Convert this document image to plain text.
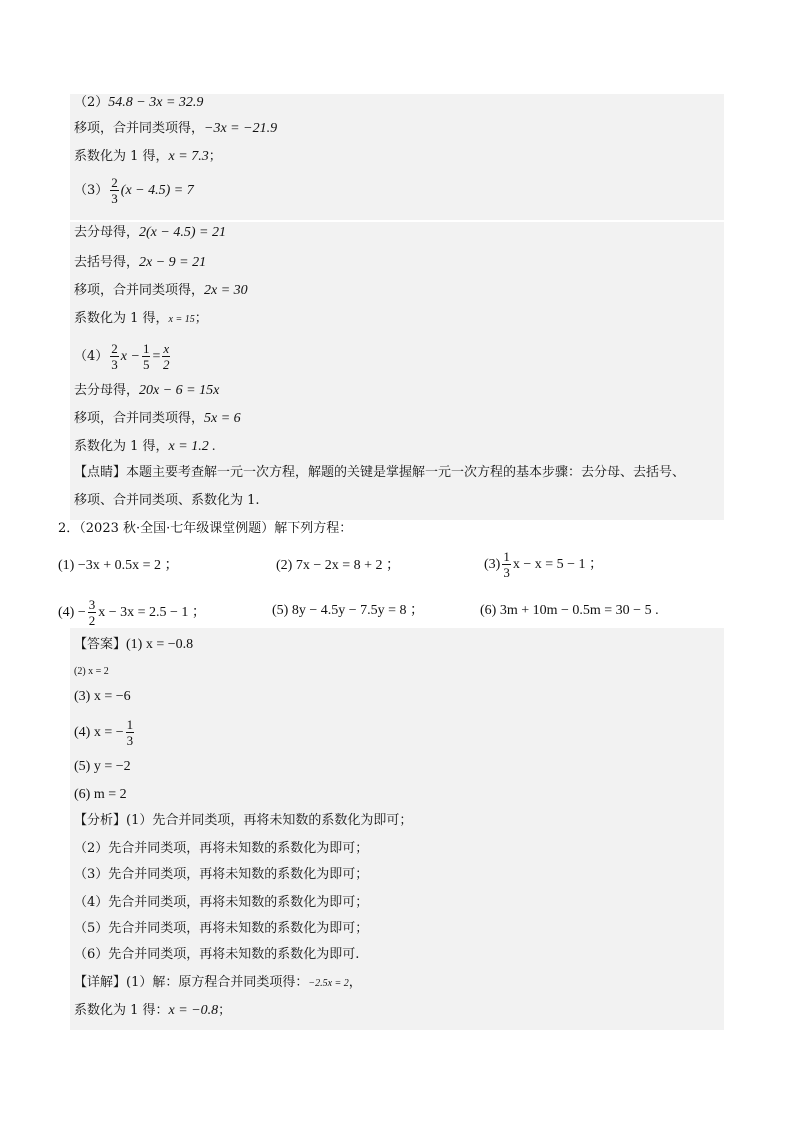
（2）54.8 − 3x = 32.9
移项，合并同类项得，−3x = −21.9
系数化为 1 得，x = 7.3；
$(3) \frac{2}{3} (x - 4.5) = 7$
去分母得，2(x − 4.5) = 21
去括号得，2x − 9 = 21
移项，合并同类项得，2x = 30
系数化为 1 得，x = 15；
$(4) \frac{2}{3}$ $x - \frac{1}{5} = \frac{x}{2}$
去分母得，20x − 6 = 15x
移项，合并同类项得，5x = 6
系数化为 1 得，x = 1.2 .
【点睛】本题主要考查解一元一次方程，解题的关键是掌握解一元一次方程的基本步骤：去分母、去括号、
移项、合并同类项、系数化为 1.
2．（2023 秋·全国·七年级课堂例题）解下列方程：
(1) −3x + 0.5x = 2 ；	(2) 7x − 2x = 8 + 2 ；	$(3) \frac{1}{3}$ x − x = 5 − 1 ；
$(4) - \frac{3}{2}$ x − 3x = 2.5 − 1 ；	(5) 8y − 4.5y − 7.5y = 8 ；	(6) 3m + 10m − 0.5m = 30 − 5 .
【答案】(1) x = −0.8
(2) x = 2
(3) x = −6
(4) x = − $\frac{1}{3}$
(5) y = −2
(6) m = 2
【分析】(1）先合并同类项，再将未知数的系数化为即可；
（2）先合并同类项，再将未知数的系数化为即可；
（3）先合并同类项，再将未知数的系数化为即可；
（4）先合并同类项，再将未知数的系数化为即可；
（5）先合并同类项，再将未知数的系数化为即可；
（6）先合并同类项，再将未知数的系数化为即可.
【详解】(1）解：原方程合并同类项得：−2.5x = 2，
系数化为 1 得：x = −0.8；
